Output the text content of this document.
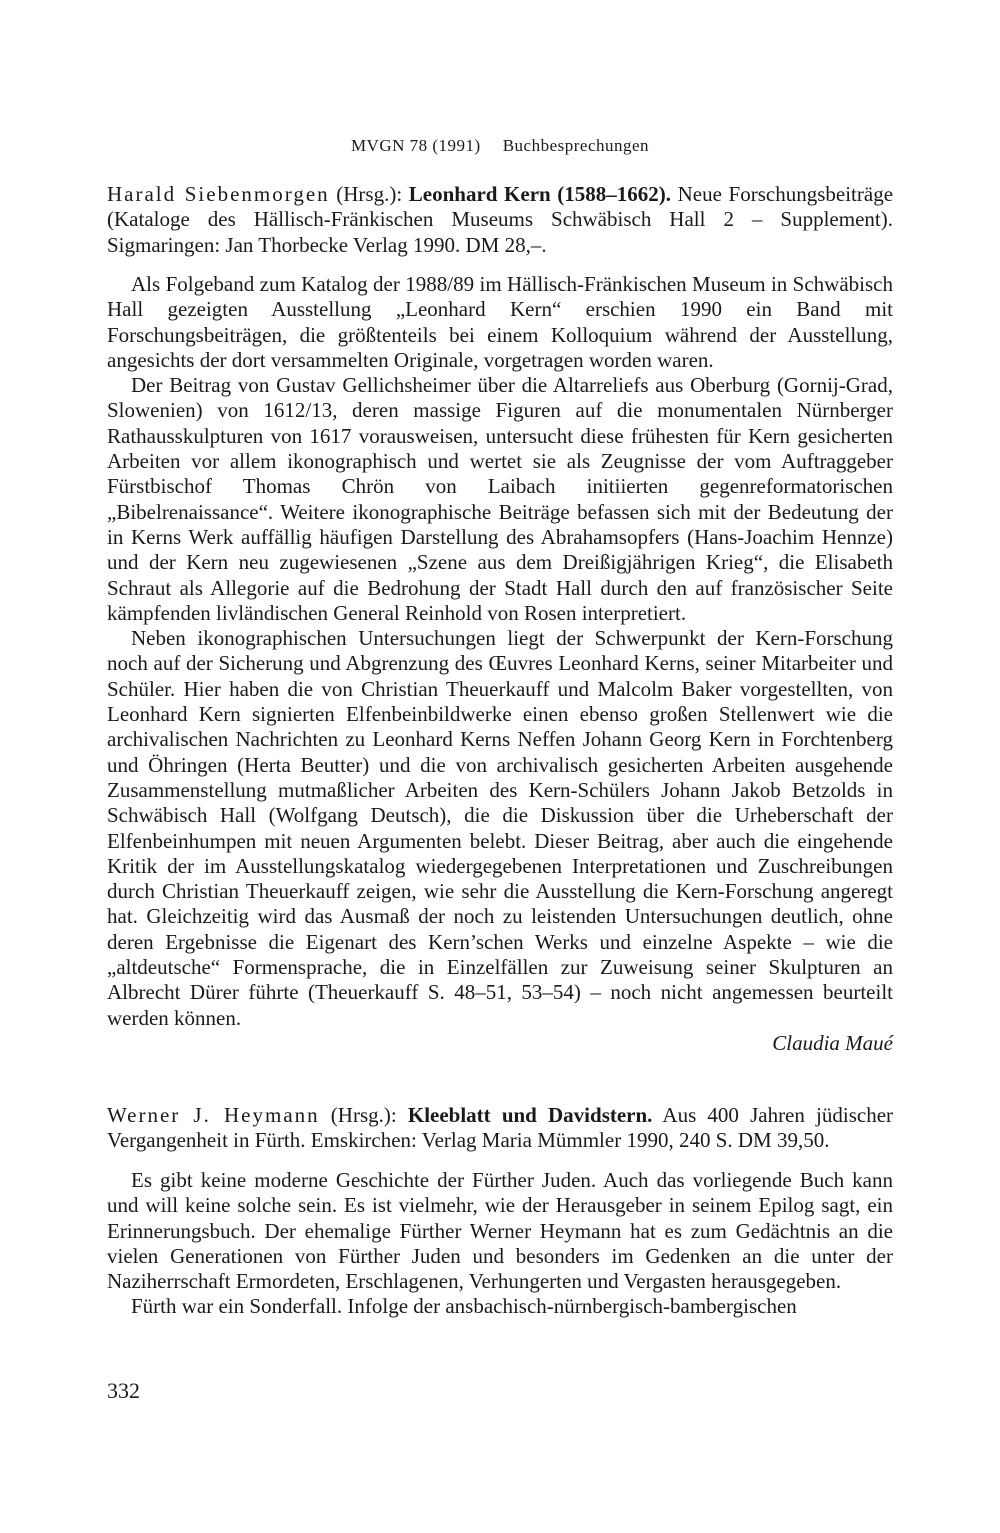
MVGN 78 (1991) Buchbesprechungen
Harald Siebenmorgen (Hrsg.): Leonhard Kern (1588–1662). Neue Forschungsbeiträge (Kataloge des Hällisch-Fränkischen Museums Schwäbisch Hall 2 – Supplement). Sigmaringen: Jan Thorbecke Verlag 1990. DM 28,–.

Als Folgeband zum Katalog der 1988/89 im Hällisch-Fränkischen Museum in Schwäbisch Hall gezeigten Ausstellung „Leonhard Kern“ erschien 1990 ein Band mit Forschungsbeiträgen, die größtenteils bei einem Kolloquium während der Ausstellung, angesichts der dort versammelten Originale, vorgetragen worden waren.

Der Beitrag von Gustav Gellichsheimer über die Altarreliefs aus Oberburg (Gornij-Grad, Slowenien) von 1612/13, deren massige Figuren auf die monumentalen Nürnberger Rathausskulpturen von 1617 vorausweisen, untersucht diese frühesten für Kern gesicherten Arbeiten vor allem ikonographisch und wertet sie als Zeugnisse der vom Auftraggeber Fürstbischof Thomas Chrön von Laibach initiierten gegenreformatorischen „Bibelrenaissance“. Weitere ikonographische Beiträge befassen sich mit der Bedeutung der in Kerns Werk auffällig häufigen Darstellung des Abrahamsopfers (Hans-Joachim Hennze) und der Kern neu zugewiesenen „Szene aus dem Dreißigjährigen Krieg“, die Elisabeth Schraut als Allegorie auf die Bedrohung der Stadt Hall durch den auf französischer Seite kämpfenden livländischen General Reinhold von Rosen interpretiert.

Neben ikonographischen Untersuchungen liegt der Schwerpunkt der Kern-Forschung noch auf der Sicherung und Abgrenzung des Œuvres Leonhard Kerns, seiner Mitarbeiter und Schüler. Hier haben die von Christian Theuerkauff und Malcolm Baker vorgestellten, von Leonhard Kern signierten Elfenbeinbildwerke einen ebenso großen Stellenwert wie die archivalischen Nachrichten zu Leonhard Kerns Neffen Johann Georg Kern in Forchtenberg und Öhringen (Herta Beutter) und die von archivalisch gesicherten Arbeiten ausgehende Zusammenstellung mutmaßlicher Arbeiten des Kern-Schülers Johann Jakob Betzolds in Schwäbisch Hall (Wolfgang Deutsch), die die Diskussion über die Urheberschaft der Elfenbeinhumpen mit neuen Argumenten belebt. Dieser Beitrag, aber auch die eingehende Kritik der im Ausstellungskatalog wiedergegebenen Interpretationen und Zuschreibungen durch Christian Theuerkauff zeigen, wie sehr die Ausstellung die Kern-Forschung angeregt hat. Gleichzeitig wird das Ausmaß der noch zu leistenden Untersuchungen deutlich, ohne deren Ergebnisse die Eigenart des Kern’schen Werks und einzelne Aspekte – wie die „altdeutsche“ Formensprache, die in Einzelfällen zur Zuweisung seiner Skulpturen an Albrecht Dürer führte (Theuerkauff S. 48–51, 53–54) – noch nicht angemessen beurteilt werden können.

Claudia Maué

Werner J. Heymann (Hrsg.): Kleeblatt und Davidstern. Aus 400 Jahren jüdischer Vergangenheit in Fürth. Emskirchen: Verlag Maria Mümmler 1990, 240 S. DM 39,50.

Es gibt keine moderne Geschichte der Fürther Juden. Auch das vorliegende Buch kann und will keine solche sein. Es ist vielmehr, wie der Herausgeber in seinem Epilog sagt, ein Erinnerungsbuch. Der ehemalige Fürther Werner Heymann hat es zum Gedächtnis an die vielen Generationen von Fürther Juden und besonders im Gedenken an die unter der Naziherrschaft Ermordeten, Erschlagenen, Verhungerten und Vergasten herausgegeben.

Fürth war ein Sonderfall. Infolge der ansbachisch-nürnbergisch-bambergischen

332
